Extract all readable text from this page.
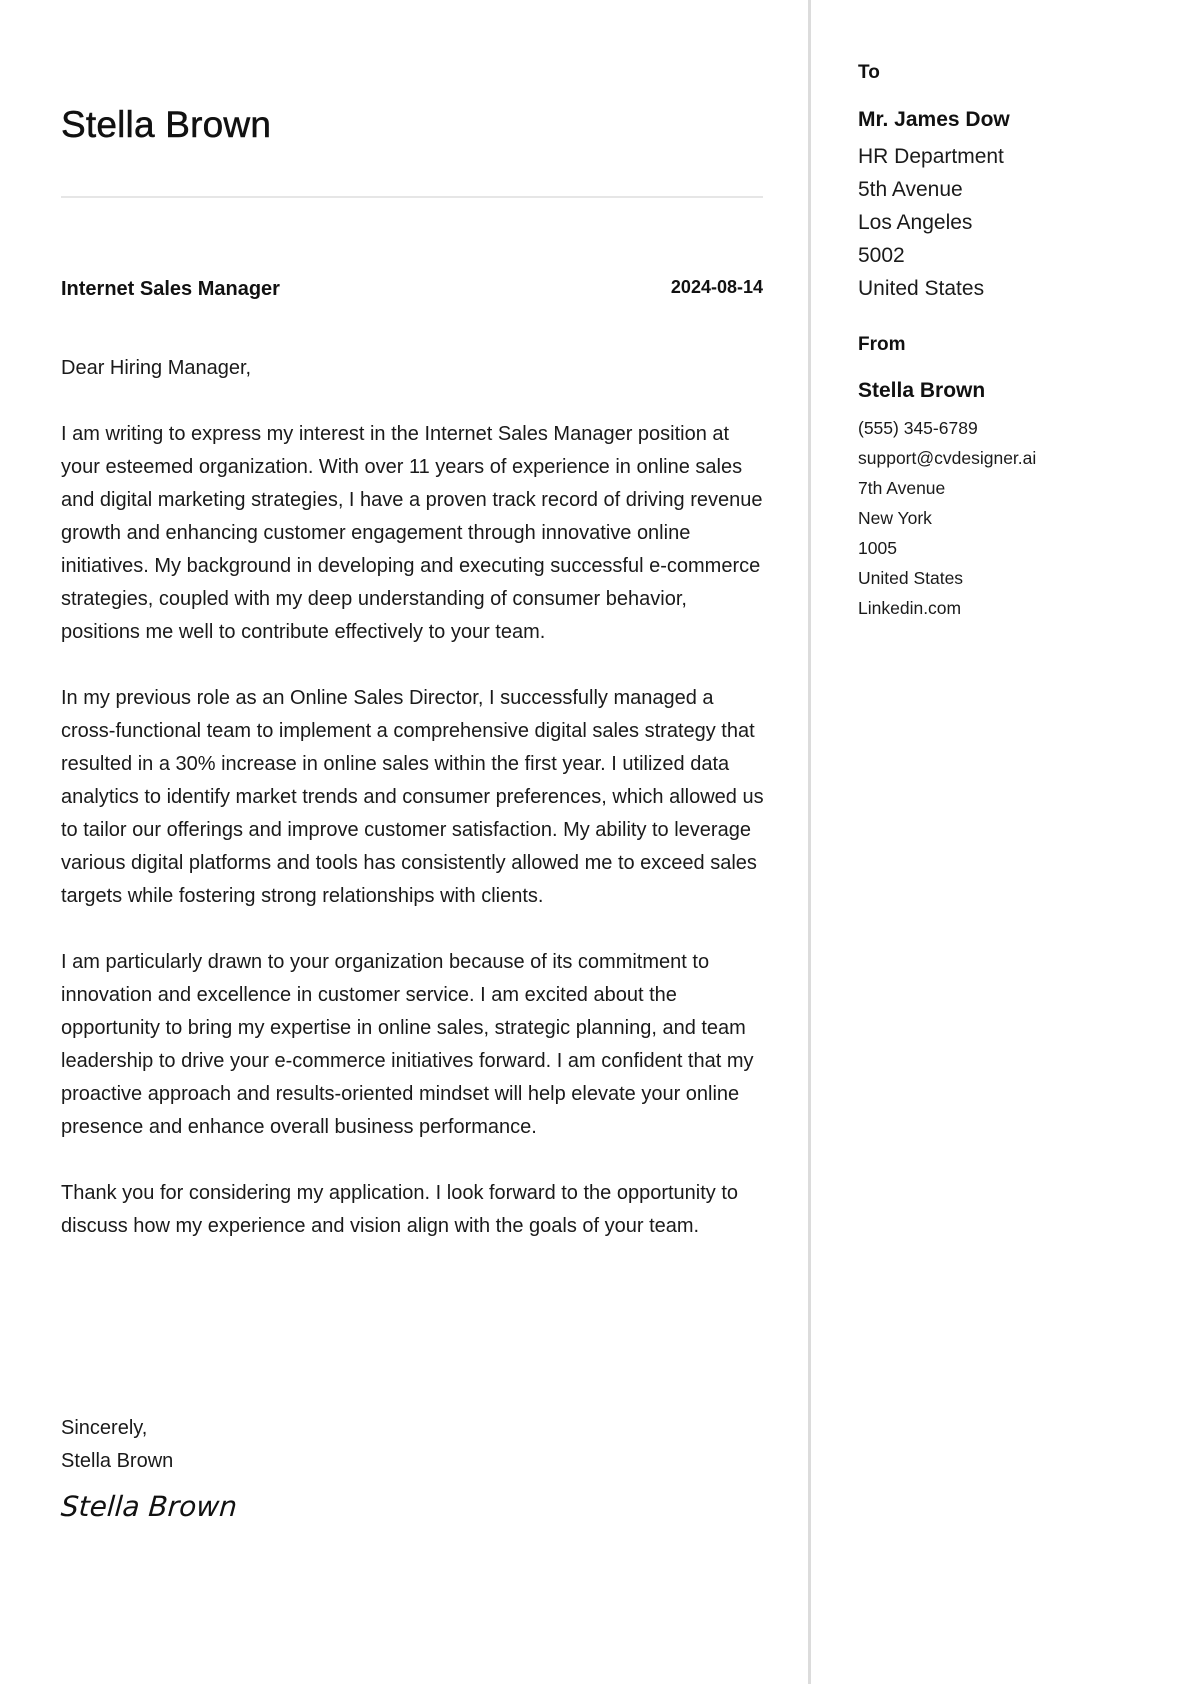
Stella Brown
Internet Sales Manager	2024-08-14

Dear Hiring Manager,

I am writing to express my interest in the Internet Sales Manager position at your esteemed organization. With over 11 years of experience in online sales and digital marketing strategies, I have a proven track record of driving revenue growth and enhancing customer engagement through innovative online initiatives. My background in developing and executing successful e-commerce strategies, coupled with my deep understanding of consumer behavior, positions me well to contribute effectively to your team.

In my previous role as an Online Sales Director, I successfully managed a cross-functional team to implement a comprehensive digital sales strategy that resulted in a 30% increase in online sales within the first year. I utilized data analytics to identify market trends and consumer preferences, which allowed us to tailor our offerings and improve customer satisfaction. My ability to leverage various digital platforms and tools has consistently allowed me to exceed sales targets while fostering strong relationships with clients.

I am particularly drawn to your organization because of its commitment to innovation and excellence in customer service. I am excited about the opportunity to bring my expertise in online sales, strategic planning, and team leadership to drive your e-commerce initiatives forward. I am confident that my proactive approach and results-oriented mindset will help elevate your online presence and enhance overall business performance.

Thank you for considering my application. I look forward to the opportunity to discuss how my experience and vision align with the goals of your team.

Sincerely,
Stella Brown
Stella Brown
To
Mr. James Dow
HR Department
5th Avenue
Los Angeles
5002
United States
From
Stella Brown
(555) 345-6789
support@cvdesigner.ai
7th Avenue
New York
1005
United States
Linkedin.com
